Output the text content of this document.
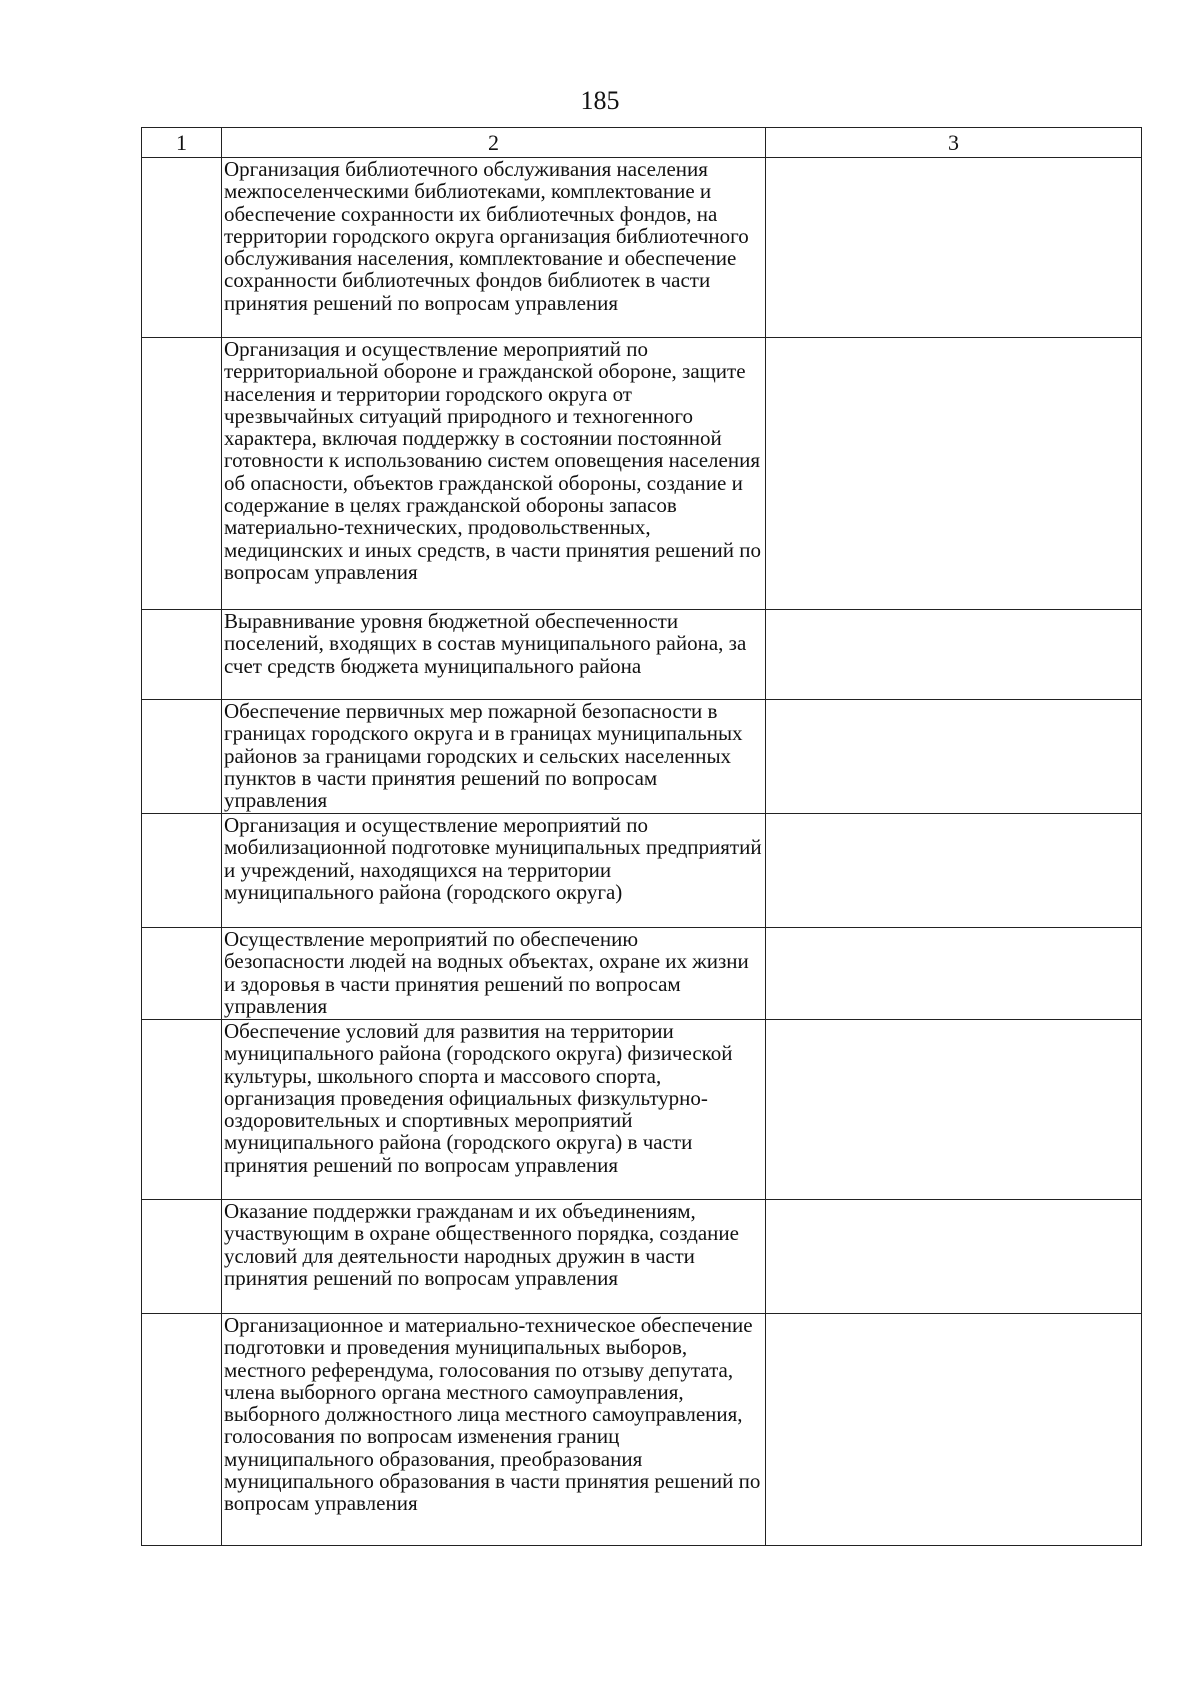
185
1	2	3
	Организация библиотечного обслуживания населения межпоселенческими библиотеками, комплектование и обеспечение сохранности их библиотечных фондов, на территории городского округа организация библиотечного обслуживания населения, комплектование и обеспечение сохранности библиотечных фондов библиотек в части принятия решений по вопросам управления	
	Организация и осуществление мероприятий по территориальной обороне и гражданской обороне, защите населения и территории городского округа от чрезвычайных ситуаций природного и техногенного характера, включая поддержку в состоянии постоянной готовности к использованию систем оповещения населения об опасности, объектов гражданской обороны, создание и содержание в целях гражданской обороны запасов материально-технических, продовольственных, медицинских и иных средств, в части принятия решений по вопросам управления	
	Выравнивание уровня бюджетной обеспеченности поселений, входящих в состав муниципального района, за счет средств бюджета муниципального района	
	Обеспечение первичных мер пожарной безопасности в границах городского округа и в границах муниципальных районов за границами городских и сельских населенных пунктов в части принятия решений по вопросам управления	
	Организация и осуществление мероприятий по мобилизационной подготовке муниципальных предприятий и учреждений, находящихся на территории муниципального района (городского округа)	
	Осуществление мероприятий по обеспечению безопасности людей на водных объектах, охране их жизни и здоровья в части принятия решений по вопросам управления	
	Обеспечение условий для развития на территории муниципального района (городского округа) физической культуры, школьного спорта и массового спорта, организация проведения официальных физкультурно-оздоровительных и спортивных мероприятий муниципального района (городского округа) в части принятия решений по вопросам управления	
	Оказание поддержки гражданам и их объединениям, участвующим в охране общественного порядка, создание условий для деятельности народных дружин в части принятия решений по вопросам управления	
	Организационное и материально-техническое обеспечение подготовки и проведения муниципальных выборов, местного референдума, голосования по отзыву депутата, члена выборного органа местного самоуправления, выборного должностного лица местного самоуправления, голосования по вопросам изменения границ муниципального образования, преобразования муниципального образования в части принятия решений по вопросам управления	
